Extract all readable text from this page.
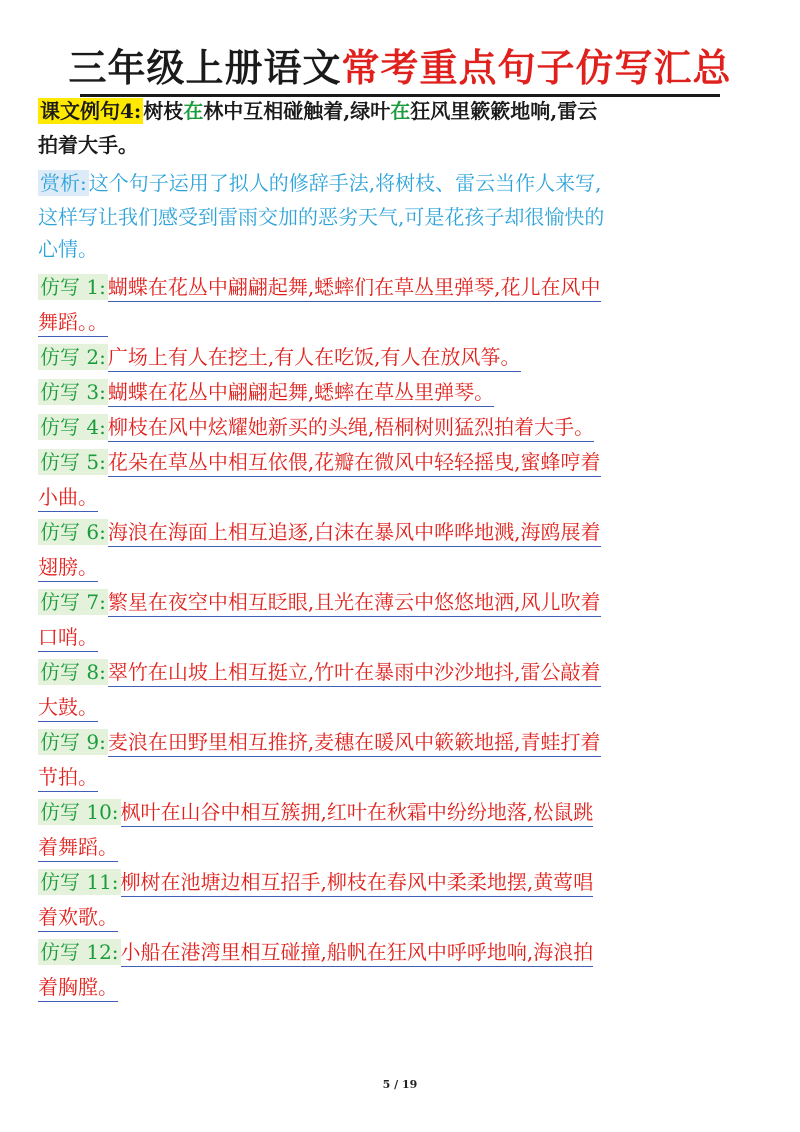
三年级上册语文常考重点句子仿写汇总
课文例句4: 树枝在林中互相碰触着,绿叶在狂风里簌簌地响,雷云
拍着大手。
赏析: 这个句子运用了拟人的修辞手法,将树枝、雷云当作人来写,
这样写让我们感受到雷雨交加的恶劣天气,可是花孩子却很愉快的
心情。
仿写 1: 蝴蝶在花丛中翩翩起舞,蟋蟀们在草丛里弹琴,花儿在风中
舞蹈。。
仿写 2: 广场上有人在挖土,有人在吃饭,有人在放风筝。
仿写 3: 蝴蝶在花丛中翩翩起舞,蟋蟀在草丛里弹琴。
仿写 4: 柳枝在风中炫耀她新买的头绳,梧桐树则猛烈拍着大手。
仿写 5: 花朵在草丛中相互依偎,花瓣在微风中轻轻摇曳,蜜蜂哼着
小曲。
仿写 6: 海浪在海面上相互追逐,白沫在暴风中哗哗地溅,海鸥展着
翅膀。
仿写 7: 繁星在夜空中相互眨眼,且光在薄云中悠悠地洒,风儿吹着
口哨。
仿写 8: 翠竹在山坡上相互挺立,竹叶在暴雨中沙沙地抖,雷公敲着
大鼓。
仿写 9: 麦浪在田野里相互推挤,麦穗在暖风中簌簌地摇,青蛙打着
节拍。
仿写 10: 枫叶在山谷中相互簇拥,红叶在秋霜中纷纷地落,松鼠跳
着舞蹈。
仿写 11: 柳树在池塘边相互招手,柳枝在春风中柔柔地摆,黄莺唱
着欢歌。
仿写 12: 小船在港湾里相互碰撞,船帆在狂风中呼呼地响,海浪拍
着胸膛。
5 / 19
